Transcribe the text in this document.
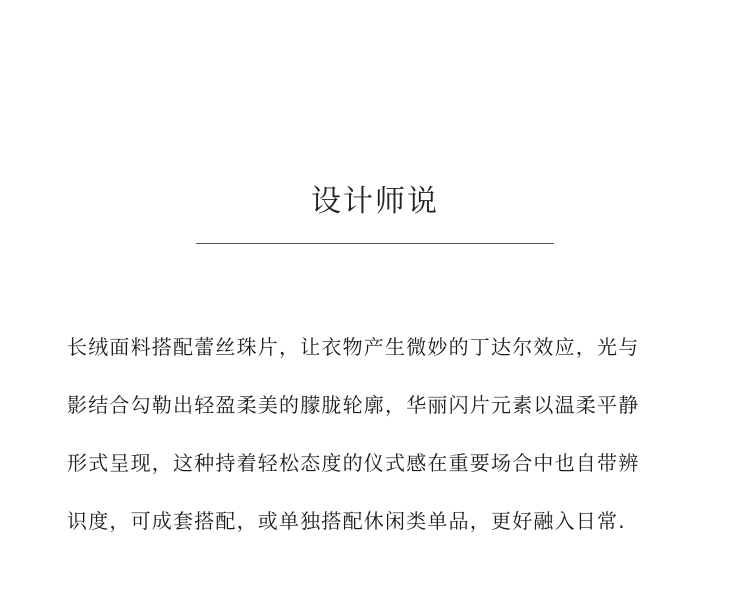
设计师说

长绒面料搭配蕾丝珠片，让衣物产生微妙的丁达尔效应，光与
影结合勾勒出轻盈柔美的朦胧轮廓，华丽闪片元素以温柔平静
形式呈现，这种持着轻松态度的仪式感在重要场合中也自带辨
识度，可成套搭配，或单独搭配休闲类单品，更好融入日常.
